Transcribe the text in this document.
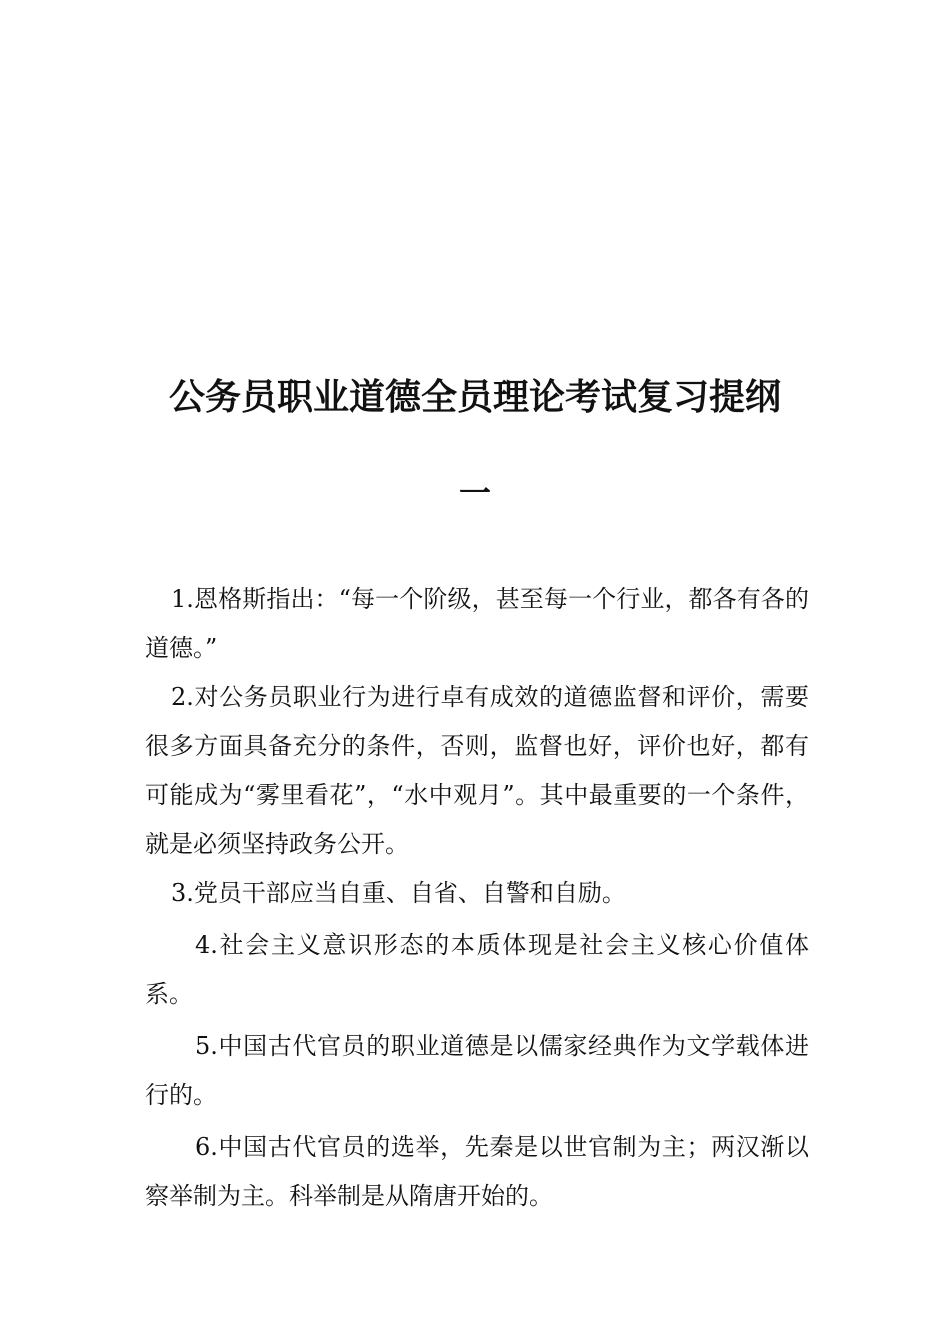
公务员职业道德全员理论考试复习提纲
一

1.恩格斯指出：“每一个阶级，甚至每一个行业，都各有各的道德。”

2.对公务员职业行为进行卓有成效的道德监督和评价，需要很多方面具备充分的条件，否则，监督也好，评价也好，都有可能成为“雾里看花”，“水中观月”。其中最重要的一个条件，就是必须坚持政务公开。

3.党员干部应当自重、自省、自警和自励。

4.社会主义意识形态的本质体现是社会主义核心价值体系。

5.中国古代官员的职业道德是以儒家经典作为文学载体进行的。

6.中国古代官员的选举，先秦是以世官制为主；两汉渐以察举制为主。科举制是从隋唐开始的。
